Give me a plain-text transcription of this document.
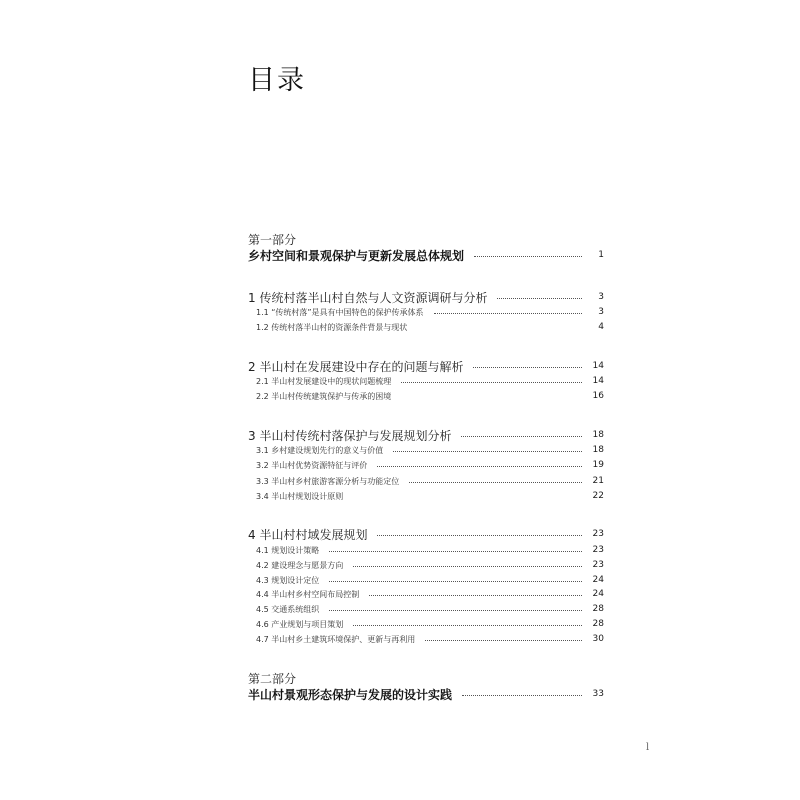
目录
第一部分
乡村空间和景观保护与更新发展总体规划	1
1 传统村落半山村自然与人文资源调研与分析	3
1.1 “传统村落”是具有中国特色的保护传承体系	3
1.2 传统村落半山村的资源条件背景与现状	4
2 半山村在发展建设中存在的问题与解析	14
2.1 半山村发展建设中的现状问题梳理	14
2.2 半山村传统建筑保护与传承的困境	16
3 半山村传统村落保护与发展规划分析	18
3.1 乡村建设规划先行的意义与价值	18
3.2 半山村优势资源特征与评价	19
3.3 半山村乡村旅游客源分析与功能定位	21
3.4 半山村规划设计原则	22
4 半山村村域发展规划	23
4.1 规划设计策略	23
4.2 建设理念与愿景方向	23
4.3 规划设计定位	24
4.4 半山村乡村空间布局控制	24
4.5 交通系统组织	28
4.6 产业规划与项目策划	28
4.7 半山村乡土建筑环境保护、更新与再利用	30
第二部分
半山村景观形态保护与发展的设计实践	33
l
